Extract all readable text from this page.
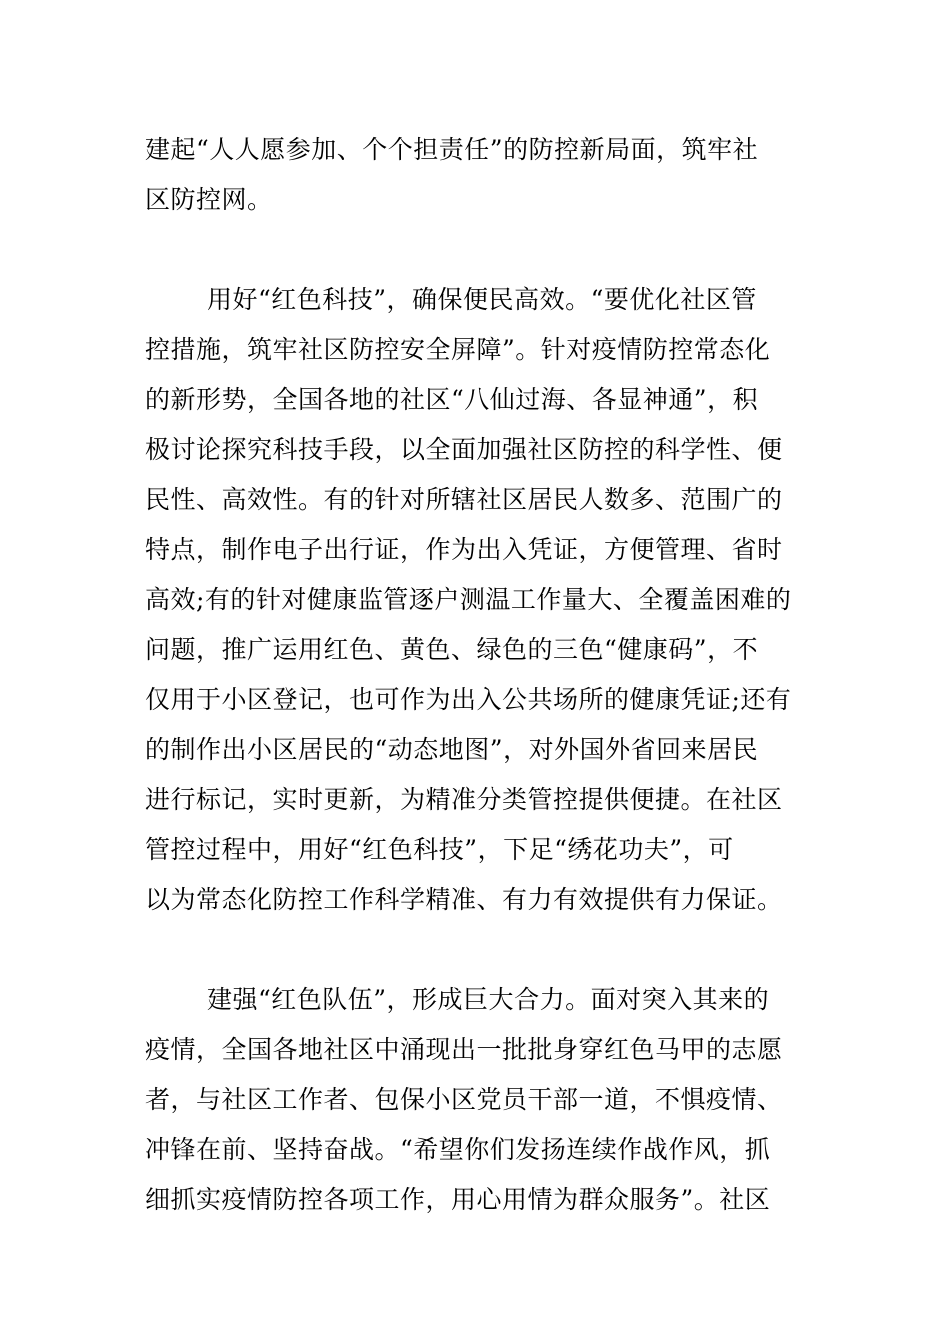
建起“人人愿参加、个个担责任”的防控新局面，筑牢社
区防控网。
用好“红色科技”，确保便民高效。“要优化社区管
控措施，筑牢社区防控安全屏障”。针对疫情防控常态化
的新形势，全国各地的社区“八仙过海、各显神通”，积
极讨论探究科技手段，以全面加强社区防控的科学性、便
民性、高效性。有的针对所辖社区居民人数多、范围广的
特点，制作电子出行证，作为出入凭证，方便管理、省时
高效;有的针对健康监管逐户测温工作量大、全覆盖困难的
问题，推广运用红色、黄色、绿色的三色“健康码”，不
仅用于小区登记，也可作为出入公共场所的健康凭证;还有
的制作出小区居民的“动态地图”，对外国外省回来居民
进行标记，实时更新，为精准分类管控提供便捷。在社区
管控过程中，用好“红色科技”，下足“绣花功夫”，可
以为常态化防控工作科学精准、有力有效提供有力保证。
建强“红色队伍”，形成巨大合力。面对突入其来的
疫情，全国各地社区中涌现出一批批身穿红色马甲的志愿
者，与社区工作者、包保小区党员干部一道，不惧疫情、
冲锋在前、坚持奋战。“希望你们发扬连续作战作风，抓
细抓实疫情防控各项工作，用心用情为群众服务”。社区
